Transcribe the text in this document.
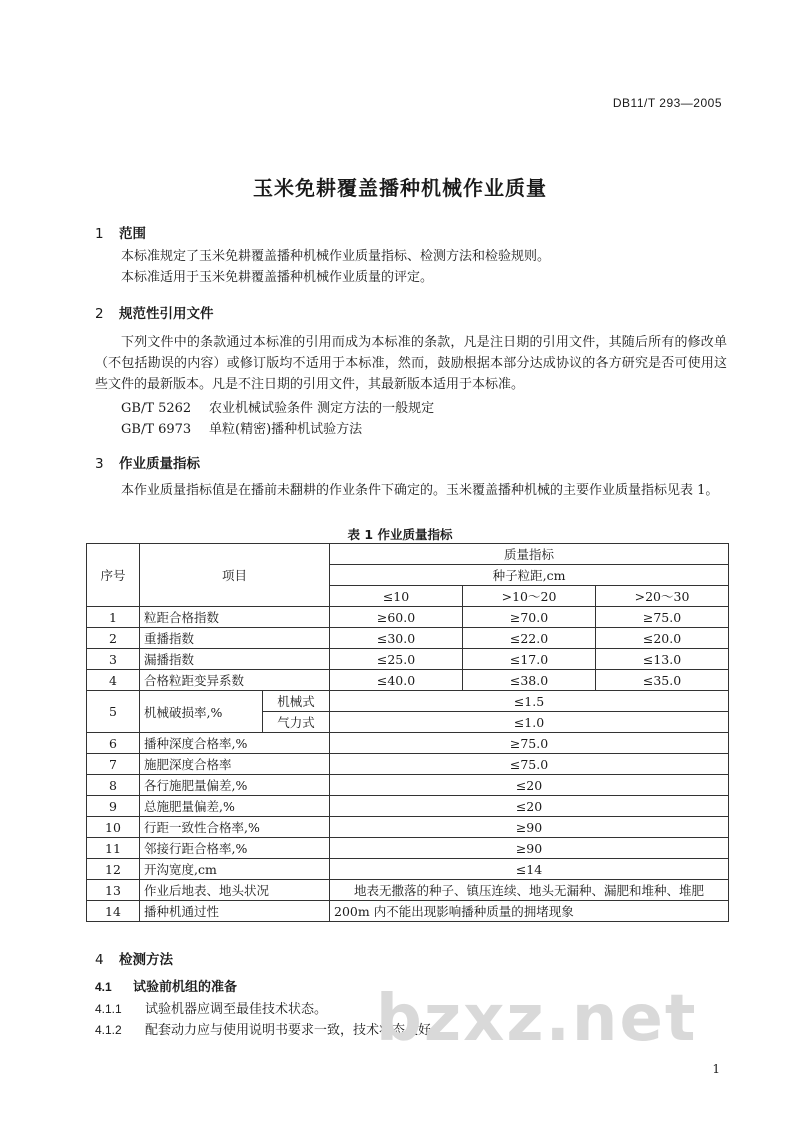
DB11/T 293—2005
玉米免耕覆盖播种机械作业质量
1 范围
本标准规定了玉米免耕覆盖播种机械作业质量指标、检测方法和检验规则。
本标准适用于玉米免耕覆盖播种机械作业质量的评定。
2 规范性引用文件
下列文件中的条款通过本标准的引用而成为本标准的条款，凡是注日期的引用文件，其随后所有的修改单（不包括勘误的内容）或修订版均不适用于本标准，然而，鼓励根据本部分达成协议的各方研究是否可使用这些文件的最新版本。凡是不注日期的引用文件，其最新版本适用于本标准。
GB/T 5262 农业机械试验条件 测定方法的一般规定
GB/T 6973 单粒(精密)播种机试验方法
3 作业质量指标
本作业质量指标值是在播前未翻耕的作业条件下确定的。玉米覆盖播种机械的主要作业质量指标见表 1。
表 1 作业质量指标
序号	项目		质量指标		
			种子粒距,cm		
			≤10	>10～20	>20～30
1	粒距合格指数		≥60.0	≥70.0	≥75.0
2	重播指数		≤30.0	≤22.0	≤20.0
3	漏播指数		≤25.0	≤17.0	≤13.0
4	合格粒距变异系数		≤40.0	≤38.0	≤35.0
5	机械破损率,%	机械式	≤1.5		
		气力式	≤1.0		
6	播种深度合格率,%		≥75.0		
7	施肥深度合格率		≤75.0		
8	各行施肥量偏差,%		≤20		
9	总施肥量偏差,%		≤20		
10	行距一致性合格率,%		≥90		
11	邻接行距合格率,%		≥90		
12	开沟宽度,cm		≤14		
13	作业后地表、地头状况		地表无撒落的种子、镇压连续、地头无漏种、漏肥和堆种、堆肥		
14	播种机通过性		200m 内不能出现影响播种质量的拥堵现象		
4 检测方法
4.1 试验前机组的准备
4.1.1 试验机器应调至最佳技术状态。
4.1.2 配套动力应与使用说明书要求一致，技术状态良好。
bzxz.net
1
